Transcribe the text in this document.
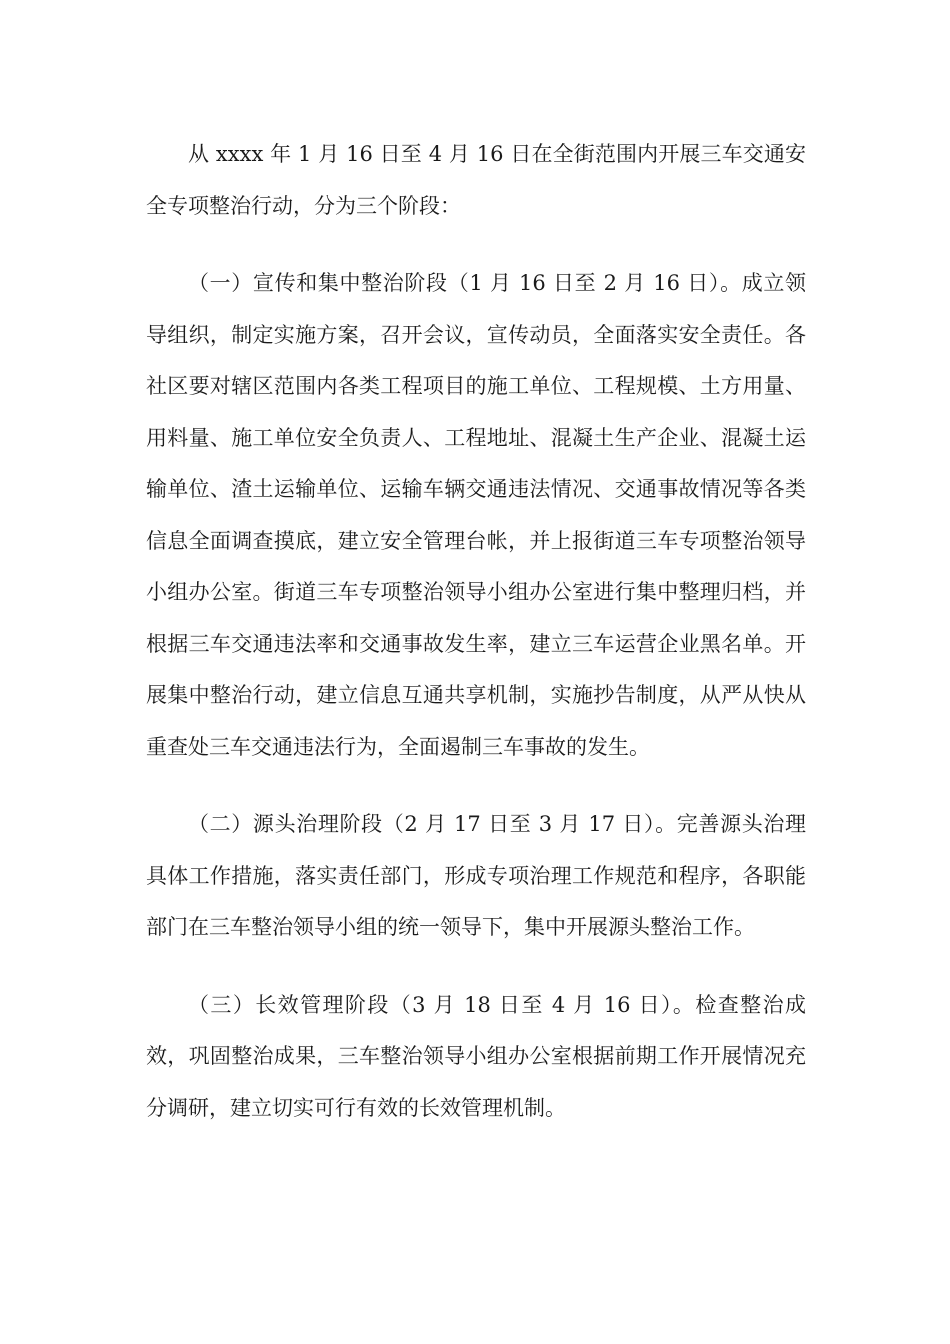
从 xxxx 年 1 月 16 日至 4 月 16 日在全街范围内开展三车交通安全专项整治行动，分为三个阶段：

（一）宣传和集中整治阶段（1 月 16 日至 2 月 16 日）。成立领导组织，制定实施方案，召开会议，宣传动员，全面落实安全责任。各社区要对辖区范围内各类工程项目的施工单位、工程规模、土方用量、用料量、施工单位安全负责人、工程地址、混凝土生产企业、混凝土运输单位、渣土运输单位、运输车辆交通违法情况、交通事故情况等各类信息全面调查摸底，建立安全管理台帐，并上报街道三车专项整治领导小组办公室。街道三车专项整治领导小组办公室进行集中整理归档，并根据三车交通违法率和交通事故发生率，建立三车运营企业黑名单。开展集中整治行动，建立信息互通共享机制，实施抄告制度，从严从快从重查处三车交通违法行为，全面遏制三车事故的发生。

（二）源头治理阶段（2 月 17 日至 3 月 17 日）。完善源头治理具体工作措施，落实责任部门，形成专项治理工作规范和程序，各职能部门在三车整治领导小组的统一领导下，集中开展源头整治工作。

（三）长效管理阶段（3 月 18 日至 4 月 16 日）。检查整治成效，巩固整治成果，三车整治领导小组办公室根据前期工作开展情况充分调研，建立切实可行有效的长效管理机制。
